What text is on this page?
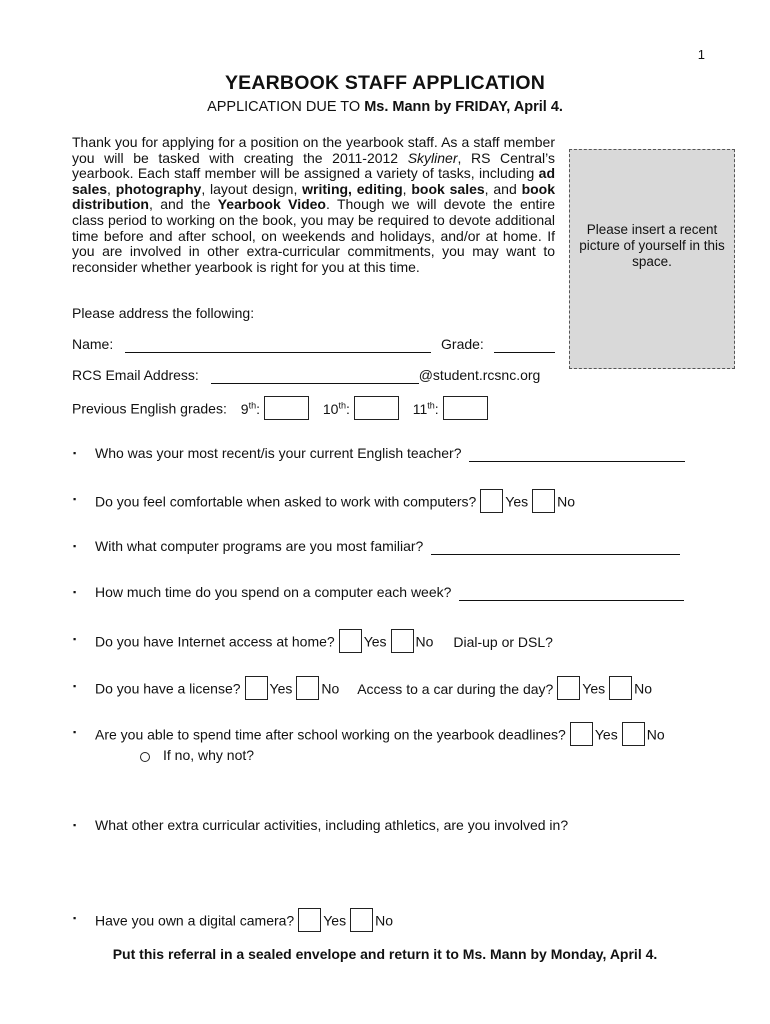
1
YEARBOOK STAFF APPLICATION
APPLICATION DUE TO Ms. Mann by FRIDAY, April 4.
Thank you for applying for a position on the yearbook staff. As a staff member you will be tasked with creating the 2011-2012 Skyliner, RS Central’s yearbook. Each staff member will be assigned a variety of tasks, including ad sales, photography, layout design, writing, editing, book sales, and book distribution, and the Yearbook Video. Though we will devote the entire class period to working on the book, you may be required to devote additional time before and after school, on weekends and holidays, and/or at home. If you are involved in other extra-curricular commitments, you may want to reconsider whether yearbook is right for you at this time.
Please insert a recent picture of yourself in this space.
Please address the following:
Name:	Grade:
RCS Email Address:	@student.rcsnc.org
Previous English grades: 9th:	10th:	11th:
▪ Who was your most recent/is your current English teacher?
▪ Do you feel comfortable when asked to work with computers? Yes No
▪ With what computer programs are you most familiar?
▪ How much time do you spend on a computer each week?
▪ Do you have Internet access at home? Yes No Dial-up or DSL?
▪ Do you have a license? Yes No Access to a car during the day? Yes No
▪ Are you able to spend time after school working on the yearbook deadlines? Yes No
If no, why not?
▪ What other extra curricular activities, including athletics, are you involved in?
▪ Have you own a digital camera? Yes No
Put this referral in a sealed envelope and return it to Ms. Mann by Monday, April 4.
